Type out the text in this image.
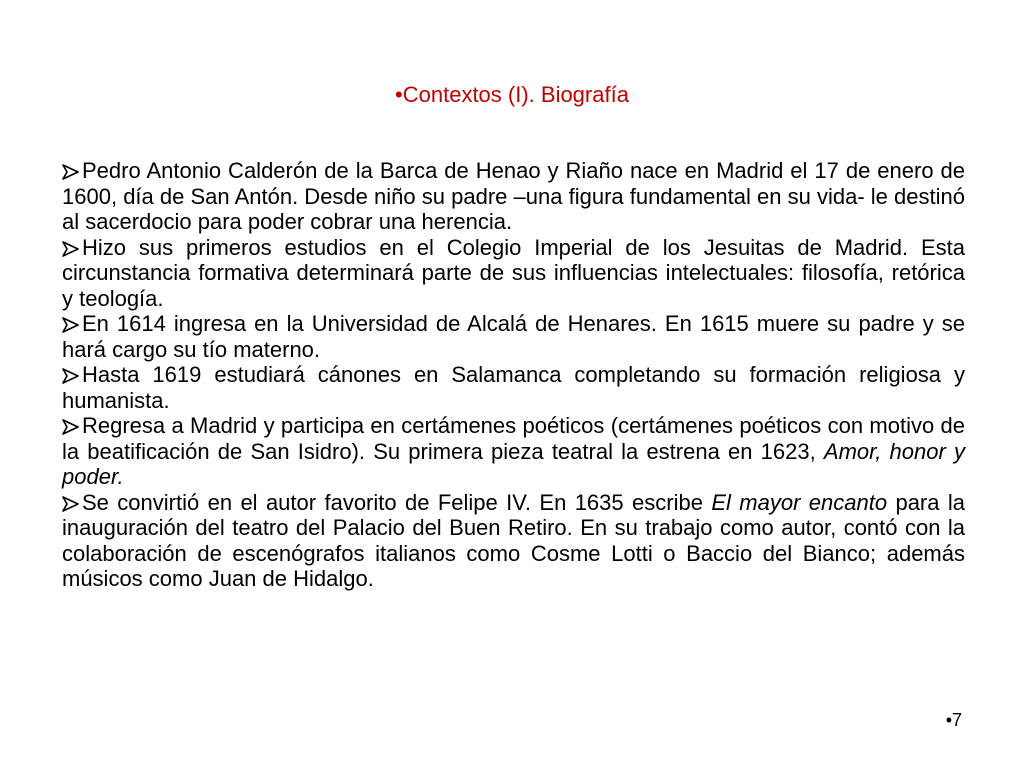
•Contextos (I). Biografía

Pedro Antonio Calderón de la Barca de Henao y Riaño nace en Madrid el 17 de enero de 1600, día de San Antón. Desde niño su padre –una figura fundamental en su vida- le destinó al sacerdocio para poder cobrar una herencia.

Hizo sus primeros estudios en el Colegio Imperial de los Jesuitas de Madrid. Esta circunstancia formativa determinará parte de sus influencias intelectuales: filosofía, retórica y teología.

En 1614 ingresa en la Universidad de Alcalá de Henares. En 1615 muere su padre y se hará cargo su tío materno.

Hasta 1619 estudiará cánones en Salamanca completando su formación religiosa y humanista.

Regresa a Madrid y participa en certámenes poéticos (certámenes poéticos con motivo de la beatificación de San Isidro). Su primera pieza teatral la estrena en 1623, Amor, honor y poder.

Se convirtió en el autor favorito de Felipe IV. En 1635 escribe El mayor encanto para la inauguración del teatro del Palacio del Buen Retiro. En su trabajo como autor, contó con la colaboración de escenógrafos italianos como Cosme Lotti o Baccio del Bianco; además músicos como Juan de Hidalgo.

•7
